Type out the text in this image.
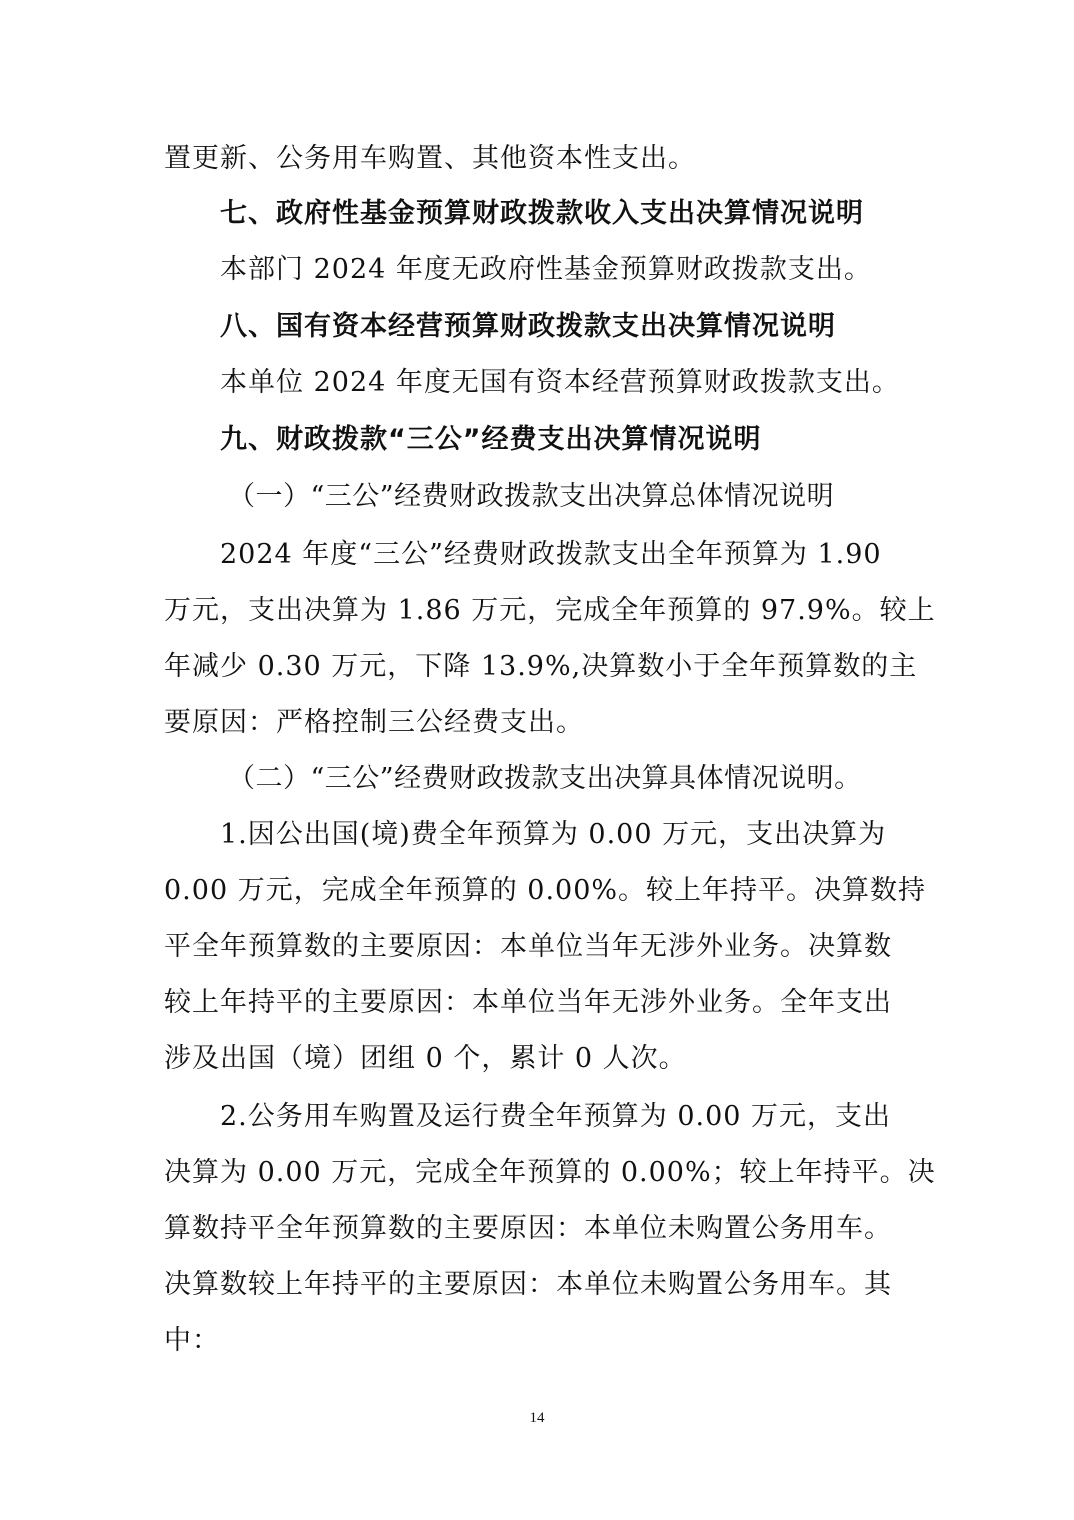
置更新、公务用车购置、其他资本性支出。
七、政府性基金预算财政拨款收入支出决算情况说明
本部门 2024 年度无政府性基金预算财政拨款支出。
八、国有资本经营预算财政拨款支出决算情况说明
本单位 2024 年度无国有资本经营预算财政拨款支出。
九、财政拨款“三公”经费支出决算情况说明
（一）“三公”经费财政拨款支出决算总体情况说明
2024 年度“三公”经费财政拨款支出全年预算为 1.90
万元，支出决算为 1.86 万元，完成全年预算的 97.9%。较上
年减少 0.30 万元，下降 13.9%,决算数小于全年预算数的主
要原因：严格控制三公经费支出。
（二）“三公”经费财政拨款支出决算具体情况说明。
1.因公出国(境)费全年预算为 0.00 万元，支出决算为
0.00 万元，完成全年预算的 0.00%。较上年持平。决算数持
平全年预算数的主要原因：本单位当年无涉外业务。决算数
较上年持平的主要原因：本单位当年无涉外业务。全年支出
涉及出国（境）团组 0 个，累计 0 人次。
2.公务用车购置及运行费全年预算为 0.00 万元，支出
决算为 0.00 万元，完成全年预算的 0.00%；较上年持平。决
算数持平全年预算数的主要原因：本单位未购置公务用车。
决算数较上年持平的主要原因：本单位未购置公务用车。其
中：
14
